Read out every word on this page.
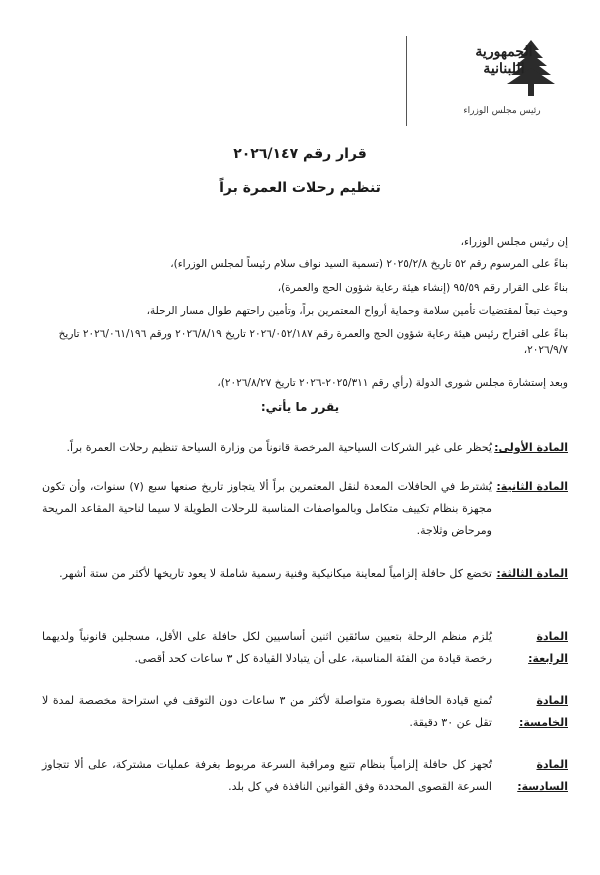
الجمهورية اللبنانية
رئيس مجلس الوزراء
قرار رقم ٢٠٢٦/١٤٧
تنظيم رحلات العمرة براً
إن رئيس مجلس الوزراء،
بناءً على المرسوم رقم ٥٢ تاريخ ٢٠٢٥/٢/٨ (تسمية السيد نواف سلام رئيساً لمجلس الوزراء)،
بناءً على القرار رقم ٩٥/٥٩ (إنشاء هيئة رعاية شؤون الحج والعمرة)،
وحيث تبعاً لمقتضيات تأمين سلامة وحماية أرواح المعتمرين براً، وتأمين راحتهم طوال مسار الرحلة،
بناءً على اقتراح رئيس هيئة رعاية شؤون الحج والعمرة رقم ٢٠٢٦/٠٥٢/١٨٧ تاريخ ٢٠٢٦/٨/١٩ ورقم ٢٠٢٦/٠٦١/١٩٦ تاريخ ٢٠٢٦/٩/٧،
وبعد إستشارة مجلس شورى الدولة (رأي رقم ٢٠٢٥/٣١١-٢٠٢٦ تاريخ ٢٠٢٦/٨/٢٧)،
يقرر ما يأتي:
المادة الأولى:
يُحظر على غير الشركات السياحية المرخصة قانوناً من وزارة السياحة تنظيم رحلات العمرة براً.
المادة الثانية:
يُشترط في الحافلات المعدة لنقل المعتمرين براً ألا يتجاوز تاريخ صنعها سبع (٧) سنوات، وأن تكون مجهزة بنظام تكييف متكامل وبالمواصفات المناسبة للرحلات الطويلة لا سيما لناحية المقاعد المريحة ومرحاض وثلاجة.
المادة الثالثة:
تخضع كل حافلة إلزامياً لمعاينة ميكانيكية وفنية رسمية شاملة لا يعود تاريخها لأكثر من ستة أشهر.
المادة الرابعة:
يُلزم منظم الرحلة بتعيين سائقين اثنين أساسيين لكل حافلة على الأقل، مسجلين قانونياً ولديهما رخصة قيادة من الفئة المناسبة، على أن يتبادلا القيادة كل ٣ ساعات كحد أقصى.
المادة الخامسة:
تُمنع قيادة الحافلة بصورة متواصلة لأكثر من ٣ ساعات دون التوقف في استراحة مخصصة لمدة لا تقل عن ٣٠ دقيقة.
المادة السادسة:
تُجهز كل حافلة إلزامياً بنظام تتبع ومراقبة السرعة مربوط بغرفة عمليات مشتركة، على ألا تتجاوز السرعة القصوى المحددة وفق القوانين النافذة في كل بلد.
